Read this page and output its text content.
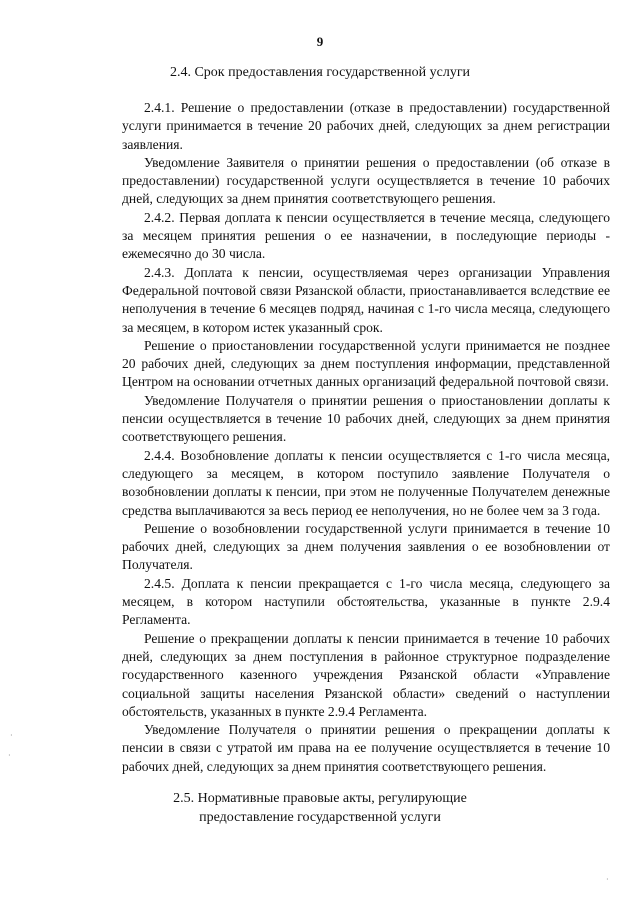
9
2.4. Срок предоставления государственной услуги

2.4.1. Решение о предоставлении (отказе в предоставлении) государственной услуги принимается в течение 20 рабочих дней, следующих за днем регистрации заявления.

Уведомление Заявителя о принятии решения о предоставлении (об отказе в предоставлении) государственной услуги осуществляется в течение 10 рабочих дней, следующих за днем принятия соответствующего решения.

2.4.2. Первая доплата к пенсии осуществляется в течение месяца, следующего за месяцем принятия решения о ее назначении, в последующие периоды - ежемесячно до 30 числа.

2.4.3. Доплата к пенсии, осуществляемая через организации Управления Федеральной почтовой связи Рязанской области, приостанавливается вследствие ее неполучения в течение 6 месяцев подряд, начиная с 1-го числа месяца, следующего за месяцем, в котором истек указанный срок.

Решение о приостановлении государственной услуги принимается не позднее 20 рабочих дней, следующих за днем поступления информации, представленной Центром на основании отчетных данных организаций федеральной почтовой связи.

Уведомление Получателя о принятии решения о приостановлении доплаты к пенсии осуществляется в течение 10 рабочих дней, следующих за днем принятия соответствующего решения.

2.4.4. Возобновление доплаты к пенсии осуществляется с 1-го числа месяца, следующего за месяцем, в котором поступило заявление Получателя о возобновлении доплаты к пенсии, при этом не полученные Получателем денежные средства выплачиваются за весь период ее неполучения, но не более чем за 3 года.

Решение о возобновлении государственной услуги принимается в течение 10 рабочих дней, следующих за днем получения заявления о ее возобновлении от Получателя.

2.4.5. Доплата к пенсии прекращается с 1-го числа месяца, следующего за месяцем, в котором наступили обстоятельства, указанные в пункте 2.9.4 Регламента.

Решение о прекращении доплаты к пенсии принимается в течение 10 рабочих дней, следующих за днем поступления в районное структурное подразделение государственного казенного учреждения Рязанской области «Управление социальной защиты населения Рязанской области» сведений о наступлении обстоятельств, указанных в пункте 2.9.4 Регламента.

Уведомление Получателя о принятии решения о прекращении доплаты к пенсии в связи с утратой им права на ее получение осуществляется в течение 10 рабочих дней, следующих за днем принятия соответствующего решения.

2.5. Нормативные правовые акты, регулирующие
предоставление государственной услуги
·
·
·
